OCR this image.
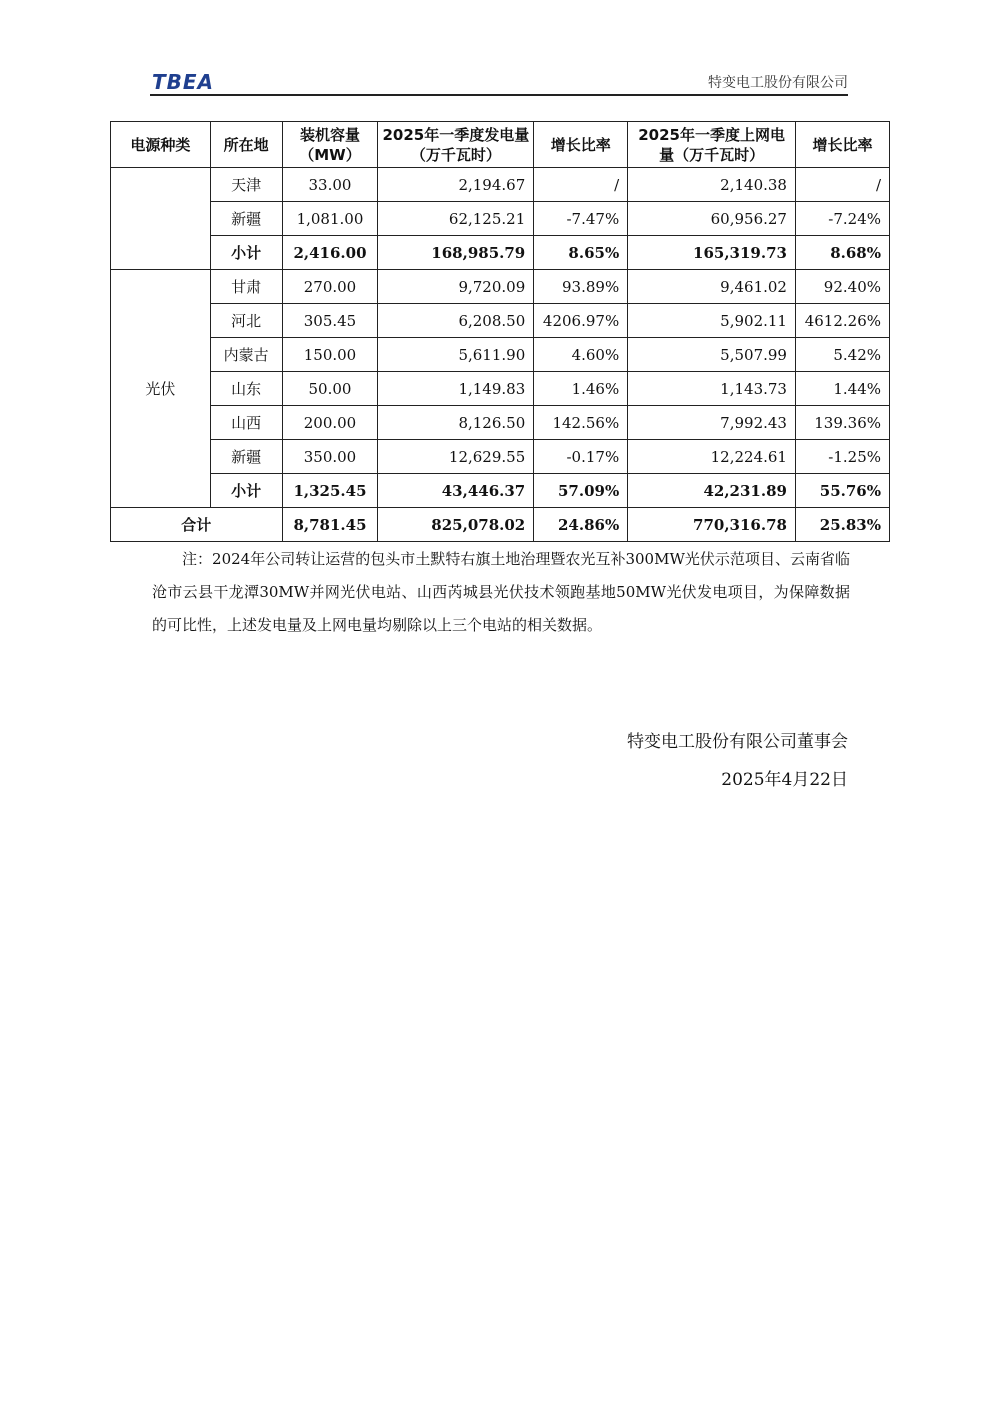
TBEA	特变电工股份有限公司
电源种类	所在地	装机容量（MW）	2025年一季度发电量（万千瓦时）	增长比率	2025年一季度上网电量（万千瓦时）	增长比率
	天津	33.00	2,194.67	/	2,140.38	/
	新疆	1,081.00	62,125.21	-7.47%	60,956.27	-7.24%
	小计	2,416.00	168,985.79	8.65%	165,319.73	8.68%
光伏	甘肃	270.00	9,720.09	93.89%	9,461.02	92.40%
	河北	305.45	6,208.50	4206.97%	5,902.11	4612.26%
	内蒙古	150.00	5,611.90	4.60%	5,507.99	5.42%
	山东	50.00	1,149.83	1.46%	1,143.73	1.44%
	山西	200.00	8,126.50	142.56%	7,992.43	139.36%
	新疆	350.00	12,629.55	-0.17%	12,224.61	-1.25%
	小计	1,325.45	43,446.37	57.09%	42,231.89	55.76%
合计		8,781.45	825,078.02	24.86%	770,316.78	25.83%
注：2024年公司转让运营的包头市土默特右旗土地治理暨农光互补300MW光伏示范项目、云南省临沧市云县干龙潭30MW并网光伏电站、山西芮城县光伏技术领跑基地50MW光伏发电项目，为保障数据的可比性，上述发电量及上网电量均剔除以上三个电站的相关数据。
特变电工股份有限公司董事会
2025年4月22日
